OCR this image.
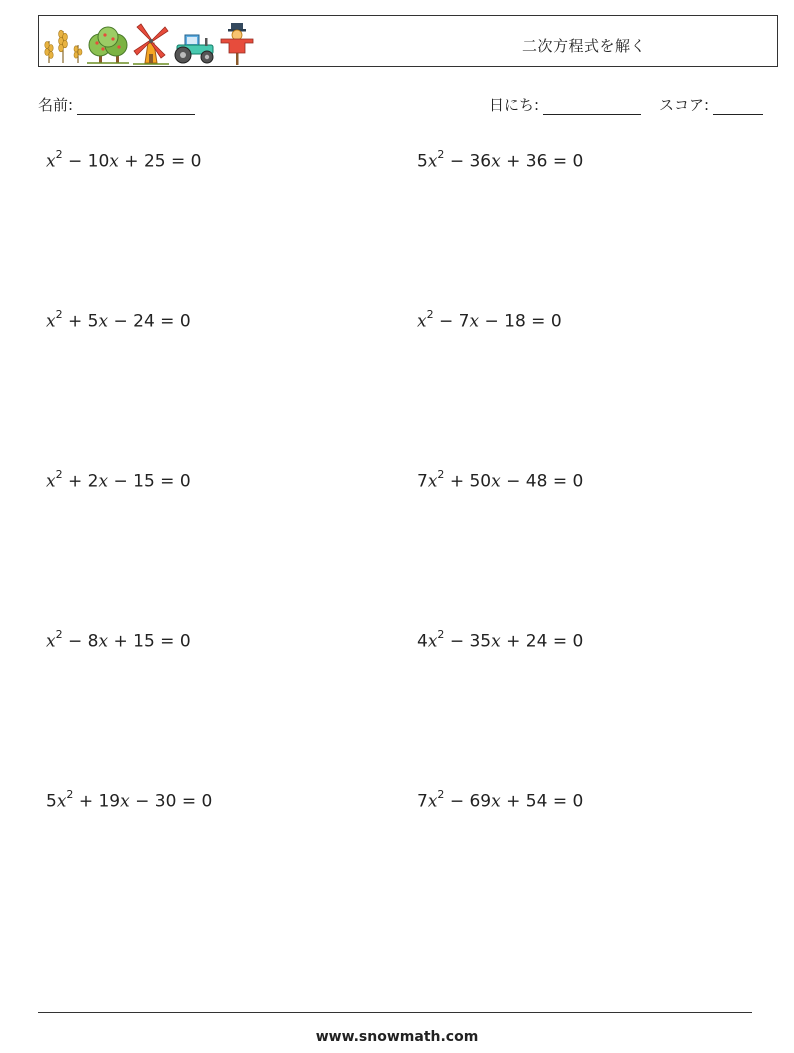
二次方程式を解く
名前:	日にち:	スコア:
$x^2 - 10x + 25 = 0$	$5x^2 - 36x + 36 = 0$
$x^2 + 5x - 24 = 0$	$x^2 - 7x - 18 = 0$
$x^2 + 2x - 15 = 0$	$7x^2 + 50x - 48 = 0$
$x^2 - 8x + 15 = 0$	$4x^2 - 35x + 24 = 0$
$5x^2 + 19x - 30 = 0$	$7x^2 - 69x + 54 = 0$
www.snowmath.com
